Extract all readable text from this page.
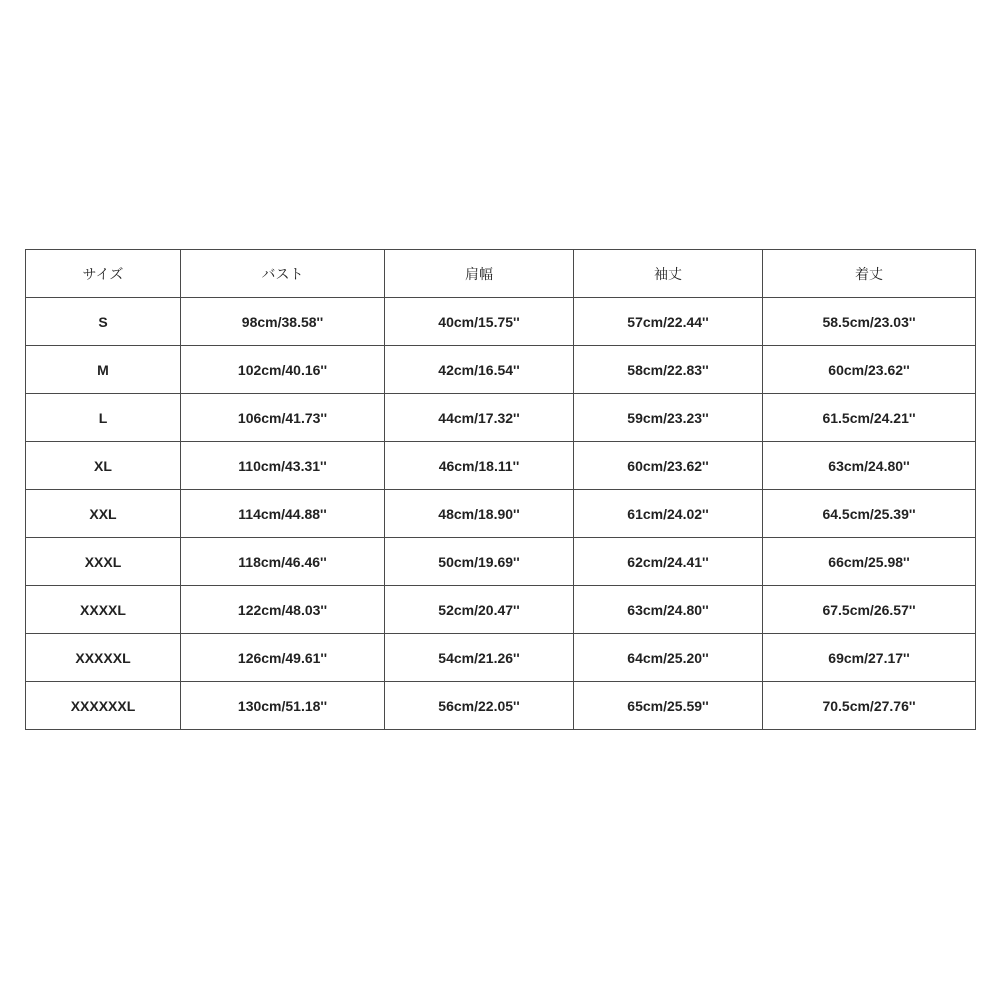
サイズ	バスト	肩幅	袖丈	着丈
S	98cm/38.58''	40cm/15.75''	57cm/22.44''	58.5cm/23.03''
M	102cm/40.16''	42cm/16.54''	58cm/22.83''	60cm/23.62''
L	106cm/41.73''	44cm/17.32''	59cm/23.23''	61.5cm/24.21''
XL	110cm/43.31''	46cm/18.11''	60cm/23.62''	63cm/24.80''
XXL	114cm/44.88''	48cm/18.90''	61cm/24.02''	64.5cm/25.39''
XXXL	118cm/46.46''	50cm/19.69''	62cm/24.41''	66cm/25.98''
XXXXL	122cm/48.03''	52cm/20.47''	63cm/24.80''	67.5cm/26.57''
XXXXXL	126cm/49.61''	54cm/21.26''	64cm/25.20''	69cm/27.17''
XXXXXXL	130cm/51.18''	56cm/22.05''	65cm/25.59''	70.5cm/27.76''
